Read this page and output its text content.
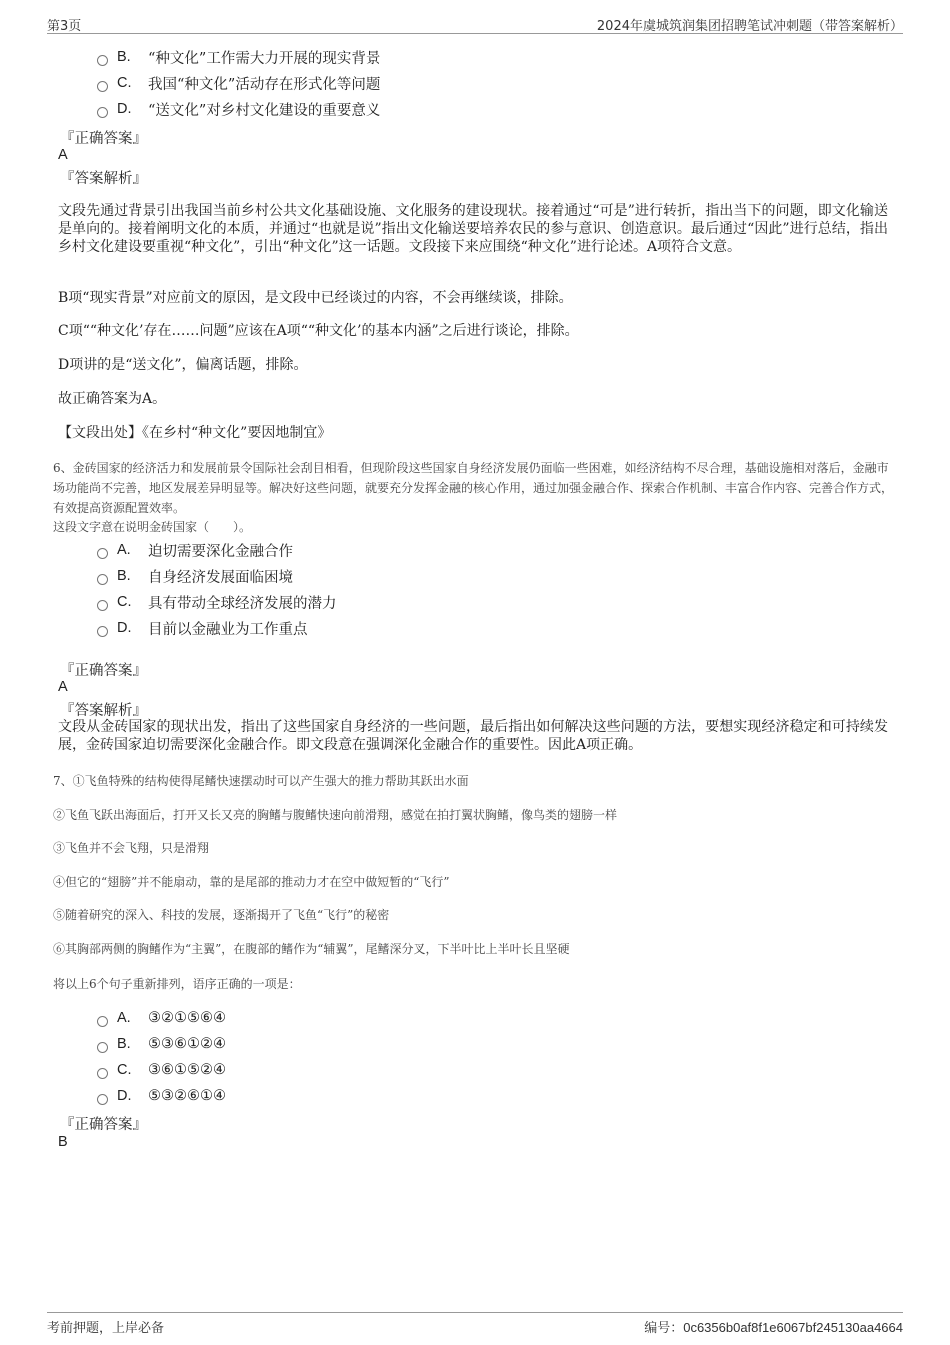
第3页	2024年虞城筑润集团招聘笔试冲刺题（带答案解析）
B.	“种文化”工作需大力开展的现实背景
C.	我国“种文化”活动存在形式化等问题
D.	“送文化”对乡村文化建设的重要意义
『正确答案』
A
『答案解析』
文段先通过背景引出我国当前乡村公共文化基础设施、文化服务的建设现状。接着通过“可是”进行转折，指出当下的问题，即文化输送是单向的。接着阐明文化的本质，并通过“也就是说”指出文化输送要培养农民的参与意识、创造意识。最后通过“因此”进行总结，指出乡村文化建设要重视“种文化”，引出“种文化”这一话题。文段接下来应围绕“种文化”进行论述。A项符合文意。
B项“现实背景”对应前文的原因，是文段中已经谈过的内容，不会再继续谈，排除。
C项““种文化’存在……问题”应该在A项““种文化’的基本内涵”之后进行谈论，排除。
D项讲的是“送文化”，偏离话题，排除。
故正确答案为A。
【文段出处】《在乡村“种文化”要因地制宜》
6、金砖国家的经济活力和发展前景令国际社会刮目相看，但现阶段这些国家自身经济发展仍面临一些困难，如经济结构不尽合理，基础设施相对落后，金融市场功能尚不完善，地区发展差异明显等。解决好这些问题，就要充分发挥金融的核心作用，通过加强金融合作、探索合作机制、丰富合作内容、完善合作方式，有效提高资源配置效率。
这段文字意在说明金砖国家（　　）。
A.	迫切需要深化金融合作
B.	自身经济发展面临困境
C.	具有带动全球经济发展的潜力
D.	目前以金融业为工作重点
『正确答案』
A
『答案解析』
文段从金砖国家的现状出发，指出了这些国家自身经济的一些问题，最后指出如何解决这些问题的方法，要想实现经济稳定和可持续发展，金砖国家迫切需要深化金融合作。即文段意在强调深化金融合作的重要性。因此A项正确。
7、①飞鱼特殊的结构使得尾鳍快速摆动时可以产生强大的推力帮助其跃出水面
②飞鱼飞跃出海面后，打开又长又亮的胸鳍与腹鳍快速向前滑翔，感觉在拍打翼状胸鳍，像鸟类的翅膀一样
③飞鱼并不会飞翔，只是滑翔
④但它的“翅膀”并不能扇动，靠的是尾部的推动力才在空中做短暂的“飞行”
⑤随着研究的深入、科技的发展，逐渐揭开了飞鱼“飞行”的秘密
⑥其胸部两侧的胸鳍作为“主翼”，在腹部的鳍作为“辅翼”，尾鳍深分叉，下半叶比上半叶长且坚硬
将以上6个句子重新排列，语序正确的一项是：
A.	③②①⑤⑥④
B.	⑤③⑥①②④
C.	③⑥①⑤②④
D.	⑤③②⑥①④
『正确答案』
B
考前押题，上岸必备	编号：0c6356b0af8f1e6067bf245130aa4664
